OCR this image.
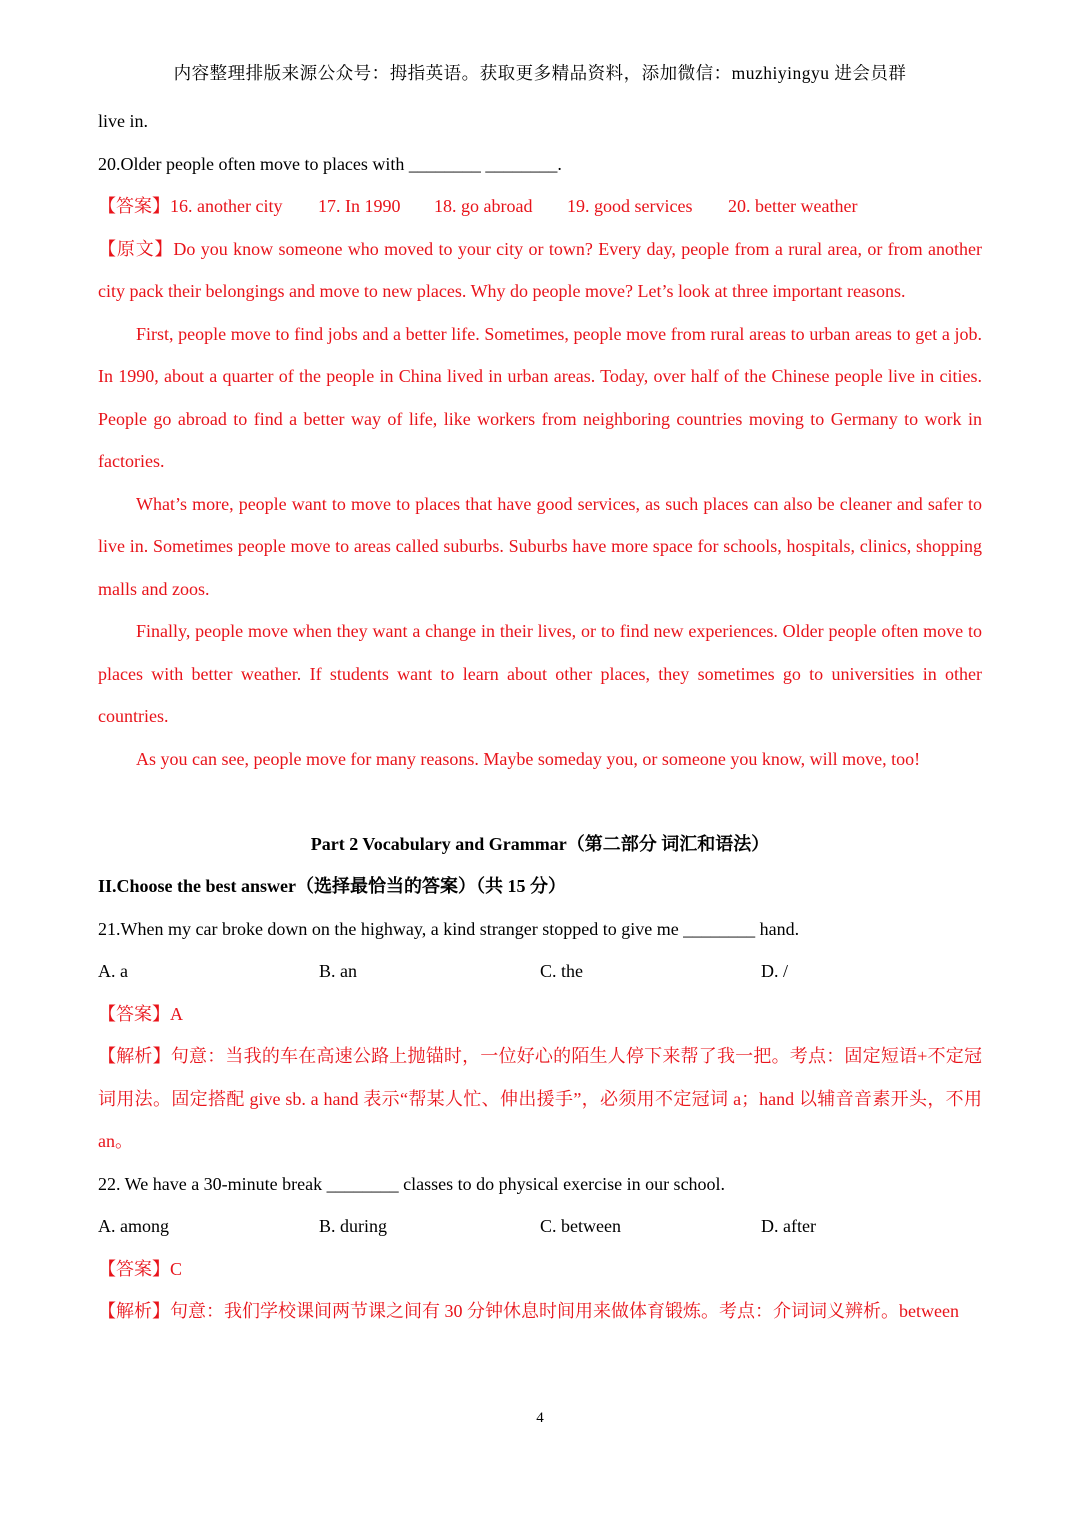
内容整理排版来源公众号：拇指英语。获取更多精品资料，添加微信：muzhiyingyu 进会员群
live in.
20.Older people often move to places with ________ ________.
【答案】16. another city 17. In 1990 18. go abroad 19. good services 20. better weather
【原文】Do you know someone who moved to your city or town? Every day, people from a rural area, or from another city pack their belongings and move to new places. Why do people move? Let’s look at three important reasons.
First, people move to find jobs and a better life. Sometimes, people move from rural areas to urban areas to get a job. In 1990, about a quarter of the people in China lived in urban areas. Today, over half of the Chinese people live in cities. People go abroad to find a better way of life, like workers from neighboring countries moving to Germany to work in factories.
What’s more, people want to move to places that have good services, as such places can also be cleaner and safer to live in. Sometimes people move to areas called suburbs. Suburbs have more space for schools, hospitals, clinics, shopping malls and zoos.
Finally, people move when they want a change in their lives, or to find new experiences. Older people often move to places with better weather. If students want to learn about other places, they sometimes go to universities in other countries.
As you can see, people move for many reasons. Maybe someday you, or someone you know, will move, too!
Part 2 Vocabulary and Grammar（第二部分 词汇和语法）
II.Choose the best answer（选择最恰当的答案）（共 15 分）
21.When my car broke down on the highway, a kind stranger stopped to give me ________ hand.
A. a	B. an	C. the	D. /
【答案】A
【解析】句意：当我的车在高速公路上抛锚时，一位好心的陌生人停下来帮了我一把。考点：固定短语+不定冠词用法。固定搭配 give sb. a hand 表示“帮某人忙、伸出援手”，必须用不定冠词 a；hand 以辅音音素开头，不用 an。
22. We have a 30-minute break ________ classes to do physical exercise in our school.
A. among	B. during	C. between	D. after
【答案】C
【解析】句意：我们学校课间两节课之间有 30 分钟休息时间用来做体育锻炼。考点：介词词义辨析。between
4
